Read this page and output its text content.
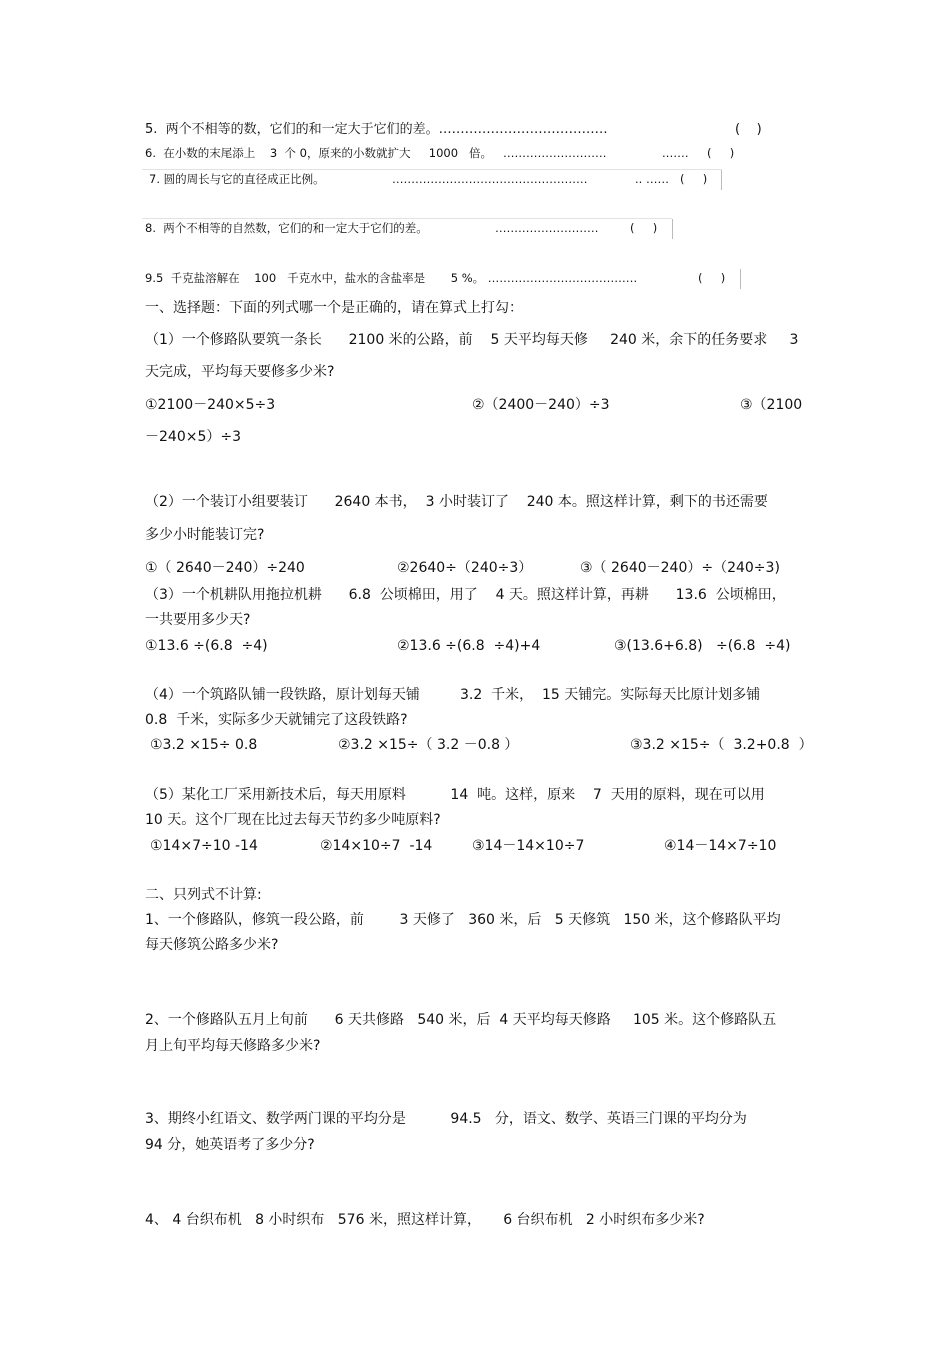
5.  两个不相等的数，它们的和一定大于它们的差。…………………………………	(    )
6.  在小数的末尾添上    3  个 0，原来的小数就扩大     1000   倍。   ………………………	.…… (     )
7. 圆的周长与它的直径成正比例。	……………………………………………	.. …… (     )
8.  两个不相等的自然数，它们的和一定大于它们的差。	………………………	(     )
9.5  千克盐溶解在    100   千克水中，盐水的含盐率是       5 %。 …………………………………	(     )
一、选择题：下面的列式哪一个是正确的，请在算式上打勾：
（1）一个修路队要筑一条长      2100 米的公路，前    5 天平均每天修     240 米，余下的任务要求     3
天完成，平均每天要修多少米?
①2100－240×5÷3	②（2400－240）÷3	③（2100
－240×5）÷3
（2）一个装订小组要装订      2640 本书，  3 小时装订了    240 本。照这样计算，剩下的书还需要
多少小时能装订完?
①（ 2640－240）÷240	②2640÷（240÷3）	③（ 2640－240）÷（240÷3)
（3）一个机耕队用拖拉机耕      6.8  公顷棉田，用了    4 天。照这样计算，再耕      13.6  公顷棉田，
一共要用多少天?
①13.6 ÷(6.8  ÷4)	②13.6 ÷(6.8  ÷4)+4	③(13.6+6.8)   ÷(6.8  ÷4)
（4）一个筑路队铺一段铁路，原计划每天铺         3.2  千米，  15 天铺完。实际每天比原计划多铺
0.8  千米，实际多少天就铺完了这段铁路?
①3.2 ×15÷ 0.8	②3.2 ×15÷（ 3.2 －0.8 ）	③3.2 ×15÷（  3.2+0.8  ）
（5）某化工厂采用新技术后，每天用原料          14  吨。这样，原来    7  天用的原料，现在可以用
10 天。这个厂现在比过去每天节约多少吨原料?
①14×7÷10 -14	②14×10÷7  -14	③14－14×10÷7	④14－14×7÷10
二、只列式不计算:
1、一个修路队，修筑一段公路，前        3 天修了   360 米，后   5 天修筑   150 米，这个修路队平均
每天修筑公路多少米?
2、一个修路队五月上旬前      6 天共修路   540 米，后  4 天平均每天修路     105 米。这个修路队五
月上旬平均每天修路多少米?
3、期终小红语文、数学两门课的平均分是          94.5   分，语文、数学、英语三门课的平均分为
94 分，她英语考了多少分?
4、 4 台织布机   8 小时织布   576 米，照这样计算，     6 台织布机   2 小时织布多少米?
